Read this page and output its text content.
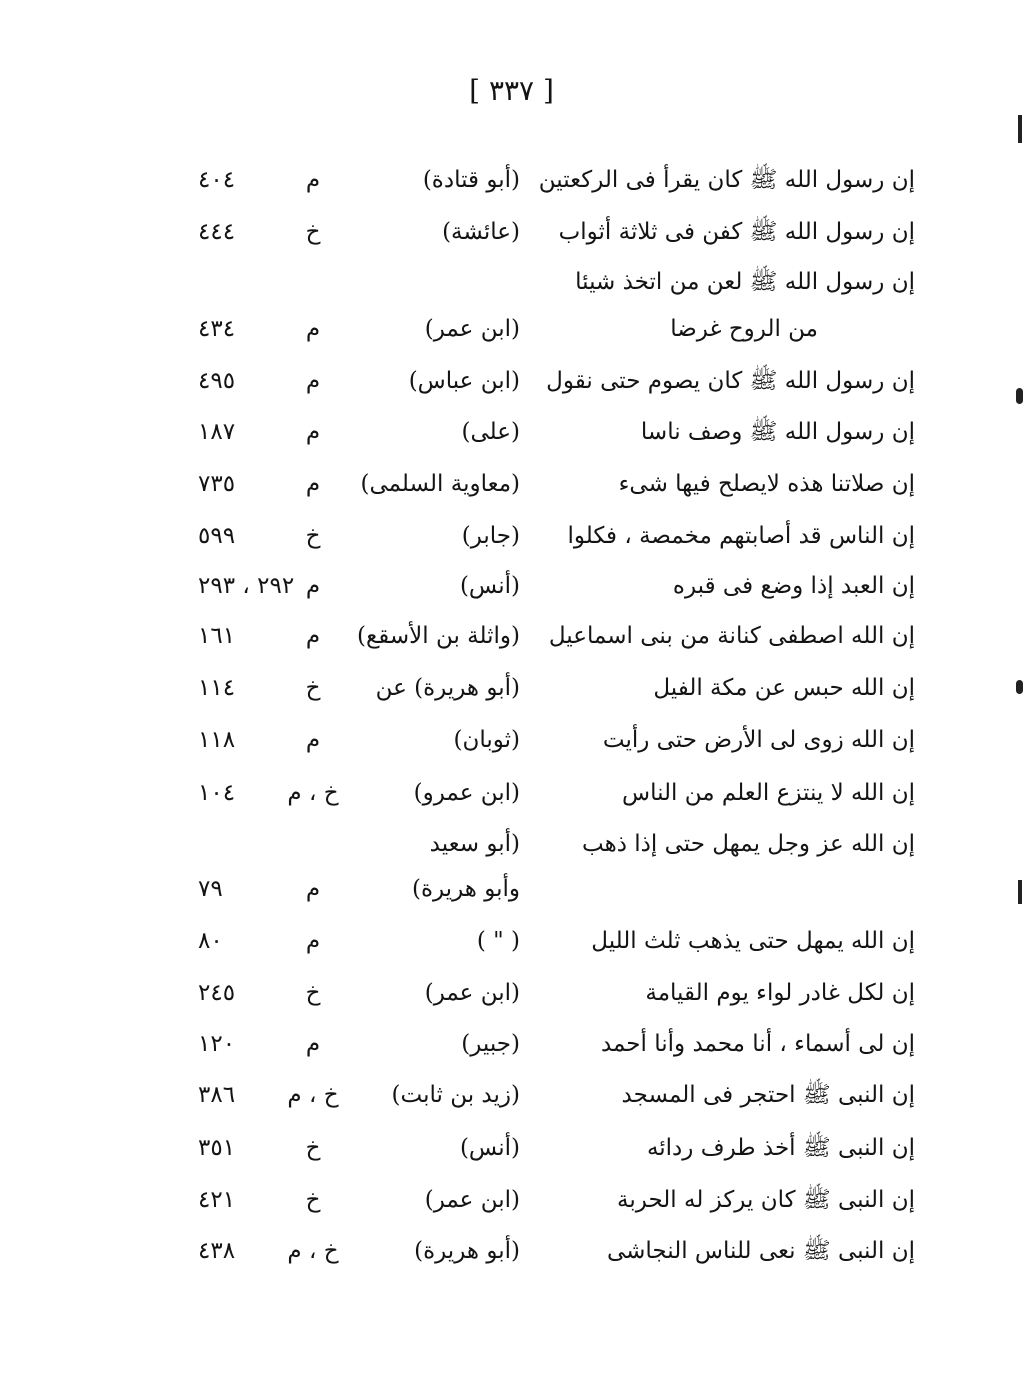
[ ٣٣٧ ]
إن رسول الله ﷺ كان يقرأ فى الركعتين
(أبو قتادة)
م
٤٠٤
إن رسول الله ﷺ كفن فى ثلاثة أثواب
(عائشة)
خ
٤٤٤
إن رسول الله ﷺ لعن من اتخذ شيئا
من الروح غرضا
(ابن عمر)
م
٤٣٤
إن رسول الله ﷺ كان يصوم حتى نقول
(ابن عباس)
م
٤٩٥
إن رسول الله ﷺ وصف ناسا
(على)
م
١٨٧
إن صلاتنا هذه لايصلح فيها شىء
(معاوية السلمى)
م
٧٣٥
إن الناس قد أصابتهم مخمصة ، فكلوا
(جابر)
خ
٥٩٩
إن العبد إذا وضع فى قبره
(أنس)
م
٢٩٢ ، ٢٩٣
إن الله اصطفى كنانة من بنى اسماعيل
(واثلة بن الأسقع)
م
١٦١
إن الله حبس عن مكة الفيل
(أبو هريرة) عن
خ
١١٤
إن الله زوى لى الأرض حتى رأيت
(ثوبان)
م
١١٨
إن الله لا ينتزع العلم من الناس
(ابن عمرو)
خ ، م
١٠٤
إن الله عز وجل يمهل حتى إذا ذهب
(أبو سعيد
وأبو هريرة)
م
٧٩
إن الله يمهل حتى يذهب ثلث الليل
( " )
م
٨٠
إن لكل غادر لواء يوم القيامة
(ابن عمر)
خ
٢٤٥
إن لى أسماء ، أنا محمد وأنا أحمد
(جبير)
م
١٢٠
إن النبى ﷺ احتجر فى المسجد
(زيد بن ثابت)
خ ، م
٣٨٦
إن النبى ﷺ أخذ طرف ردائه
(أنس)
خ
٣٥١
إن النبى ﷺ كان يركز له الحربة
(ابن عمر)
خ
٤٢١
إن النبى ﷺ نعى للناس النجاشى
(أبو هريرة)
خ ، م
٤٣٨
